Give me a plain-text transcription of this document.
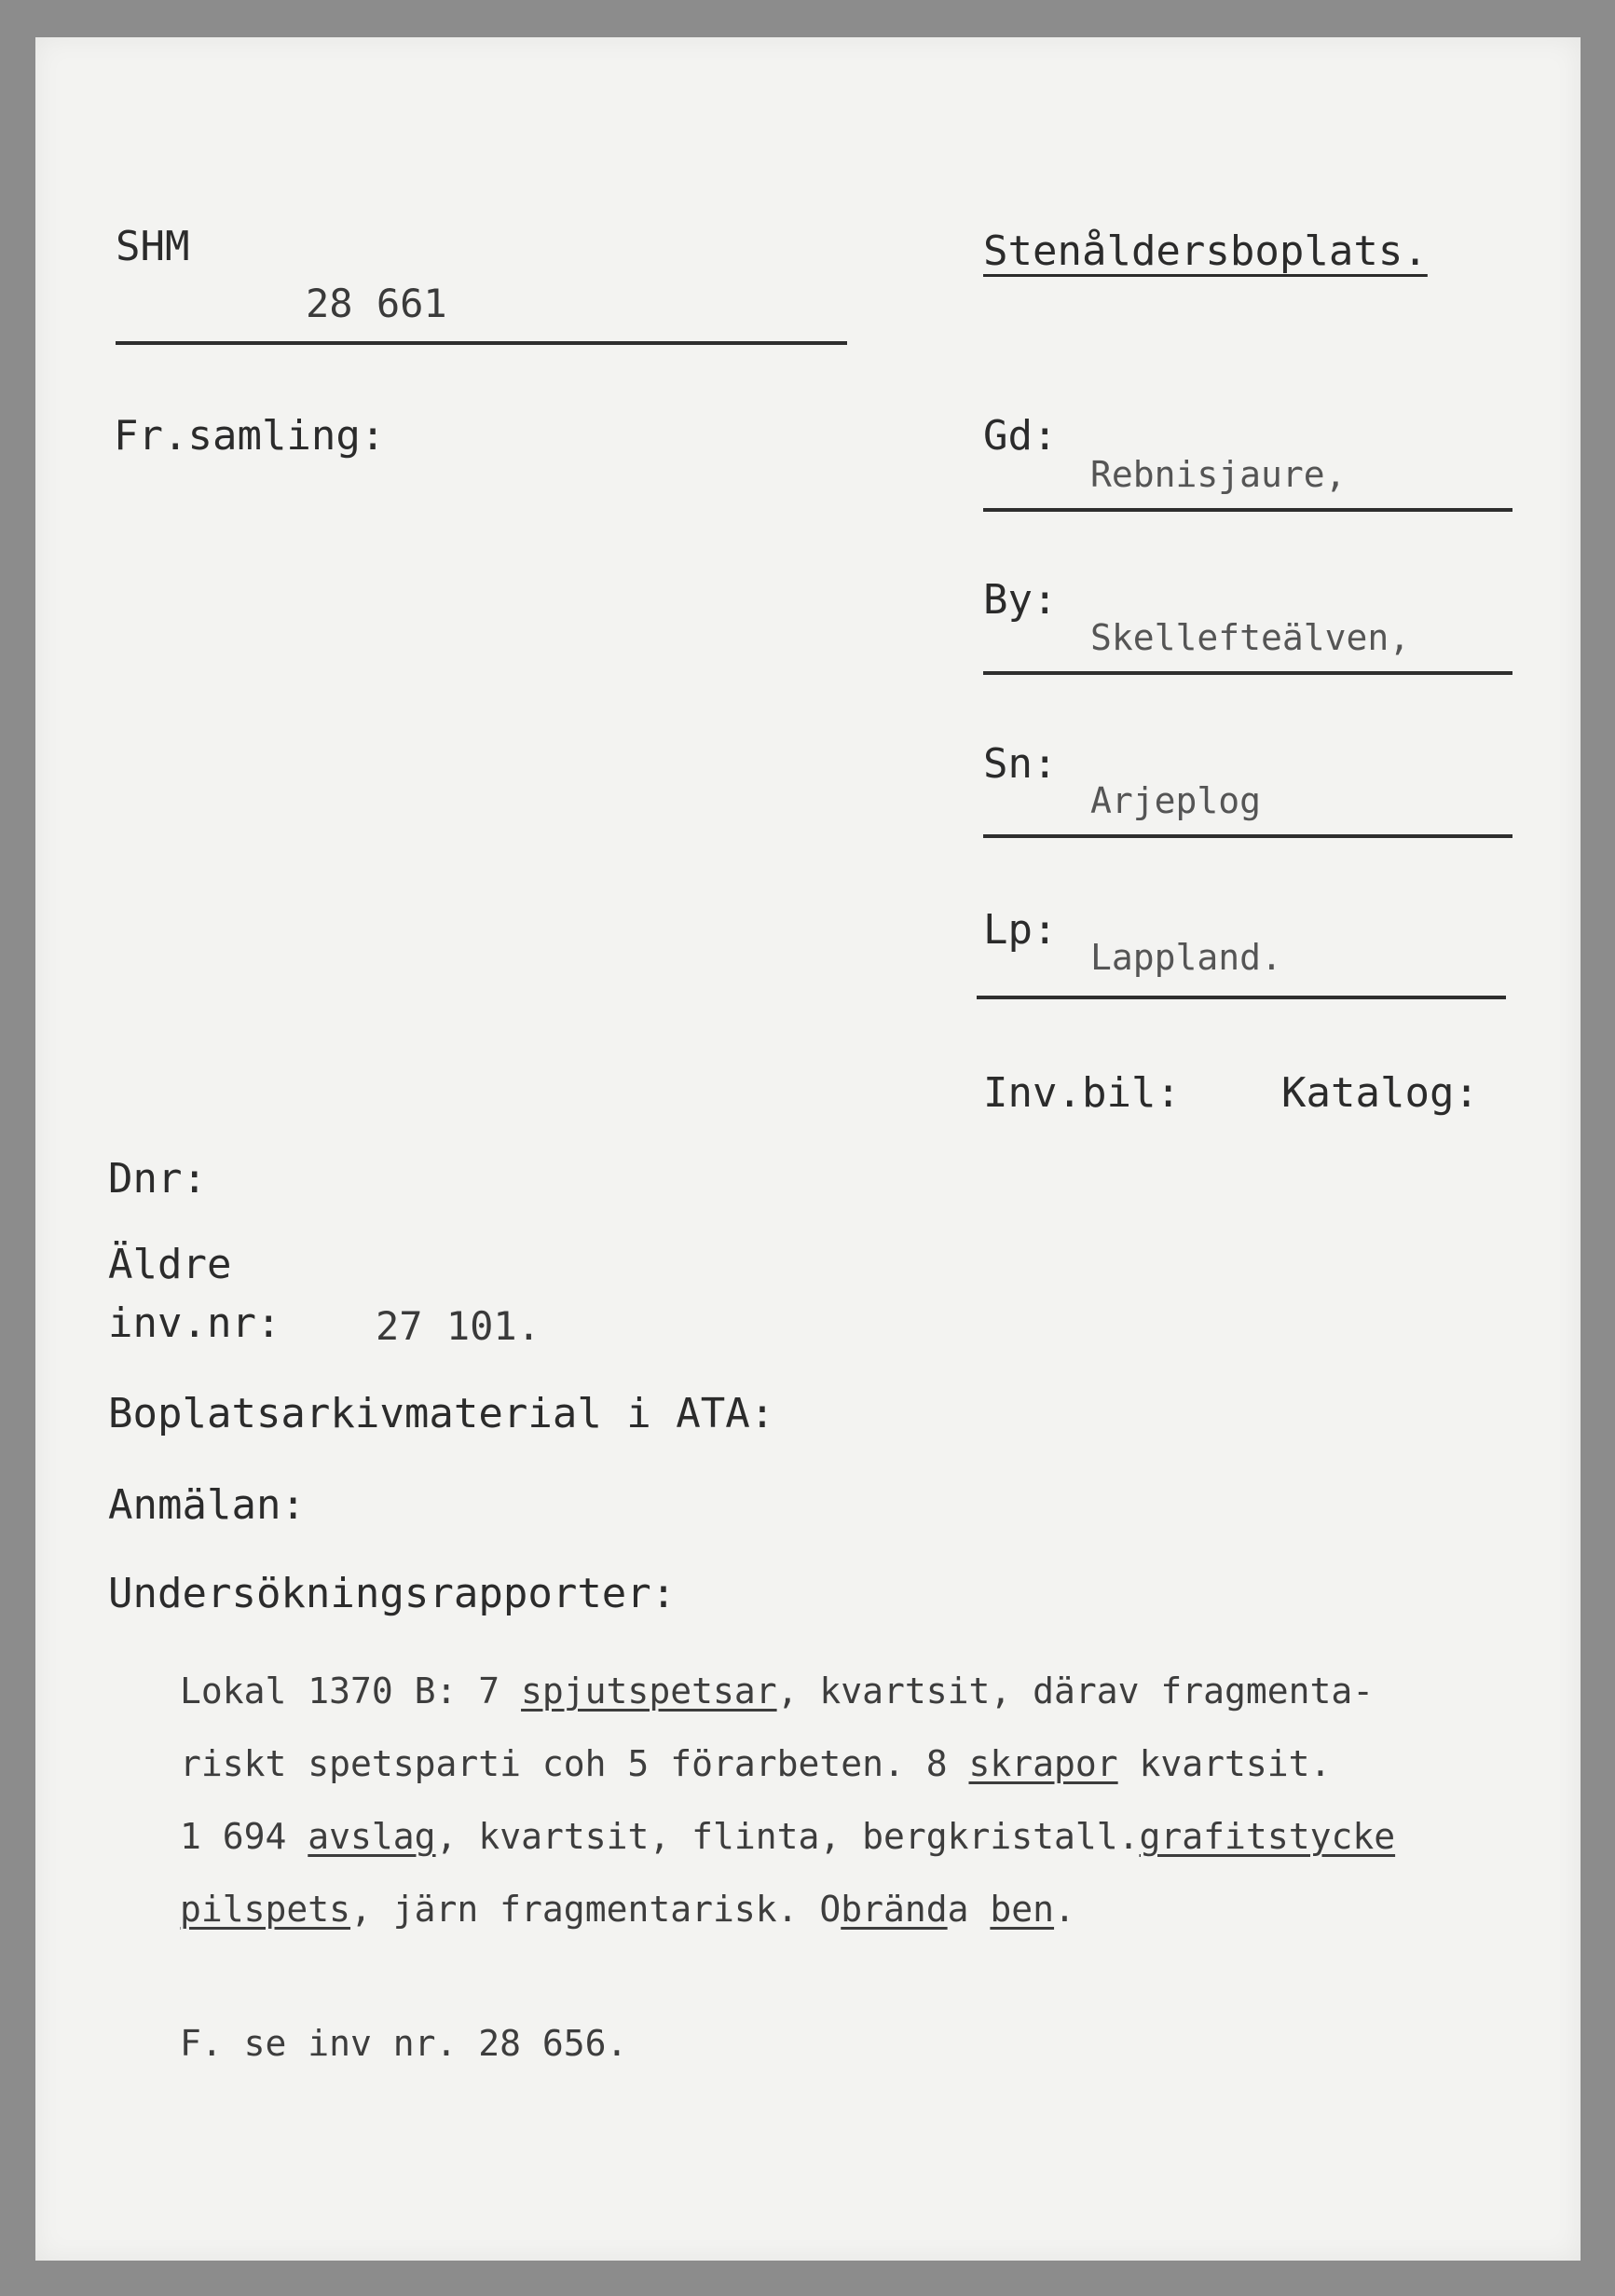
SHM
28 661
Stenåldersboplats.
Fr.samling:	Gd:
Rebnisjaure,
By:
Skellefteälven,
Sn:
Arjeplog
Lp:
Lappland.
Inv.bil: Katalog:
Dnr:
Äldre
inv.nr: 27 101.
Boplatsarkivmaterial i ATA:
Anmälan:
Undersökningsrapporter:
Lokal 1370 B: 7 spjutspetsar, kvartsit, därav fragmenta-
riskt spetsparti coh 5 förarbeten. 8 skrapor kvartsit.
1 694 avslag, kvartsit, flinta, bergkristall.grafitstycke
pilspets, järn fragmentarisk. Obrända ben.
F. se inv nr. 28 656.
